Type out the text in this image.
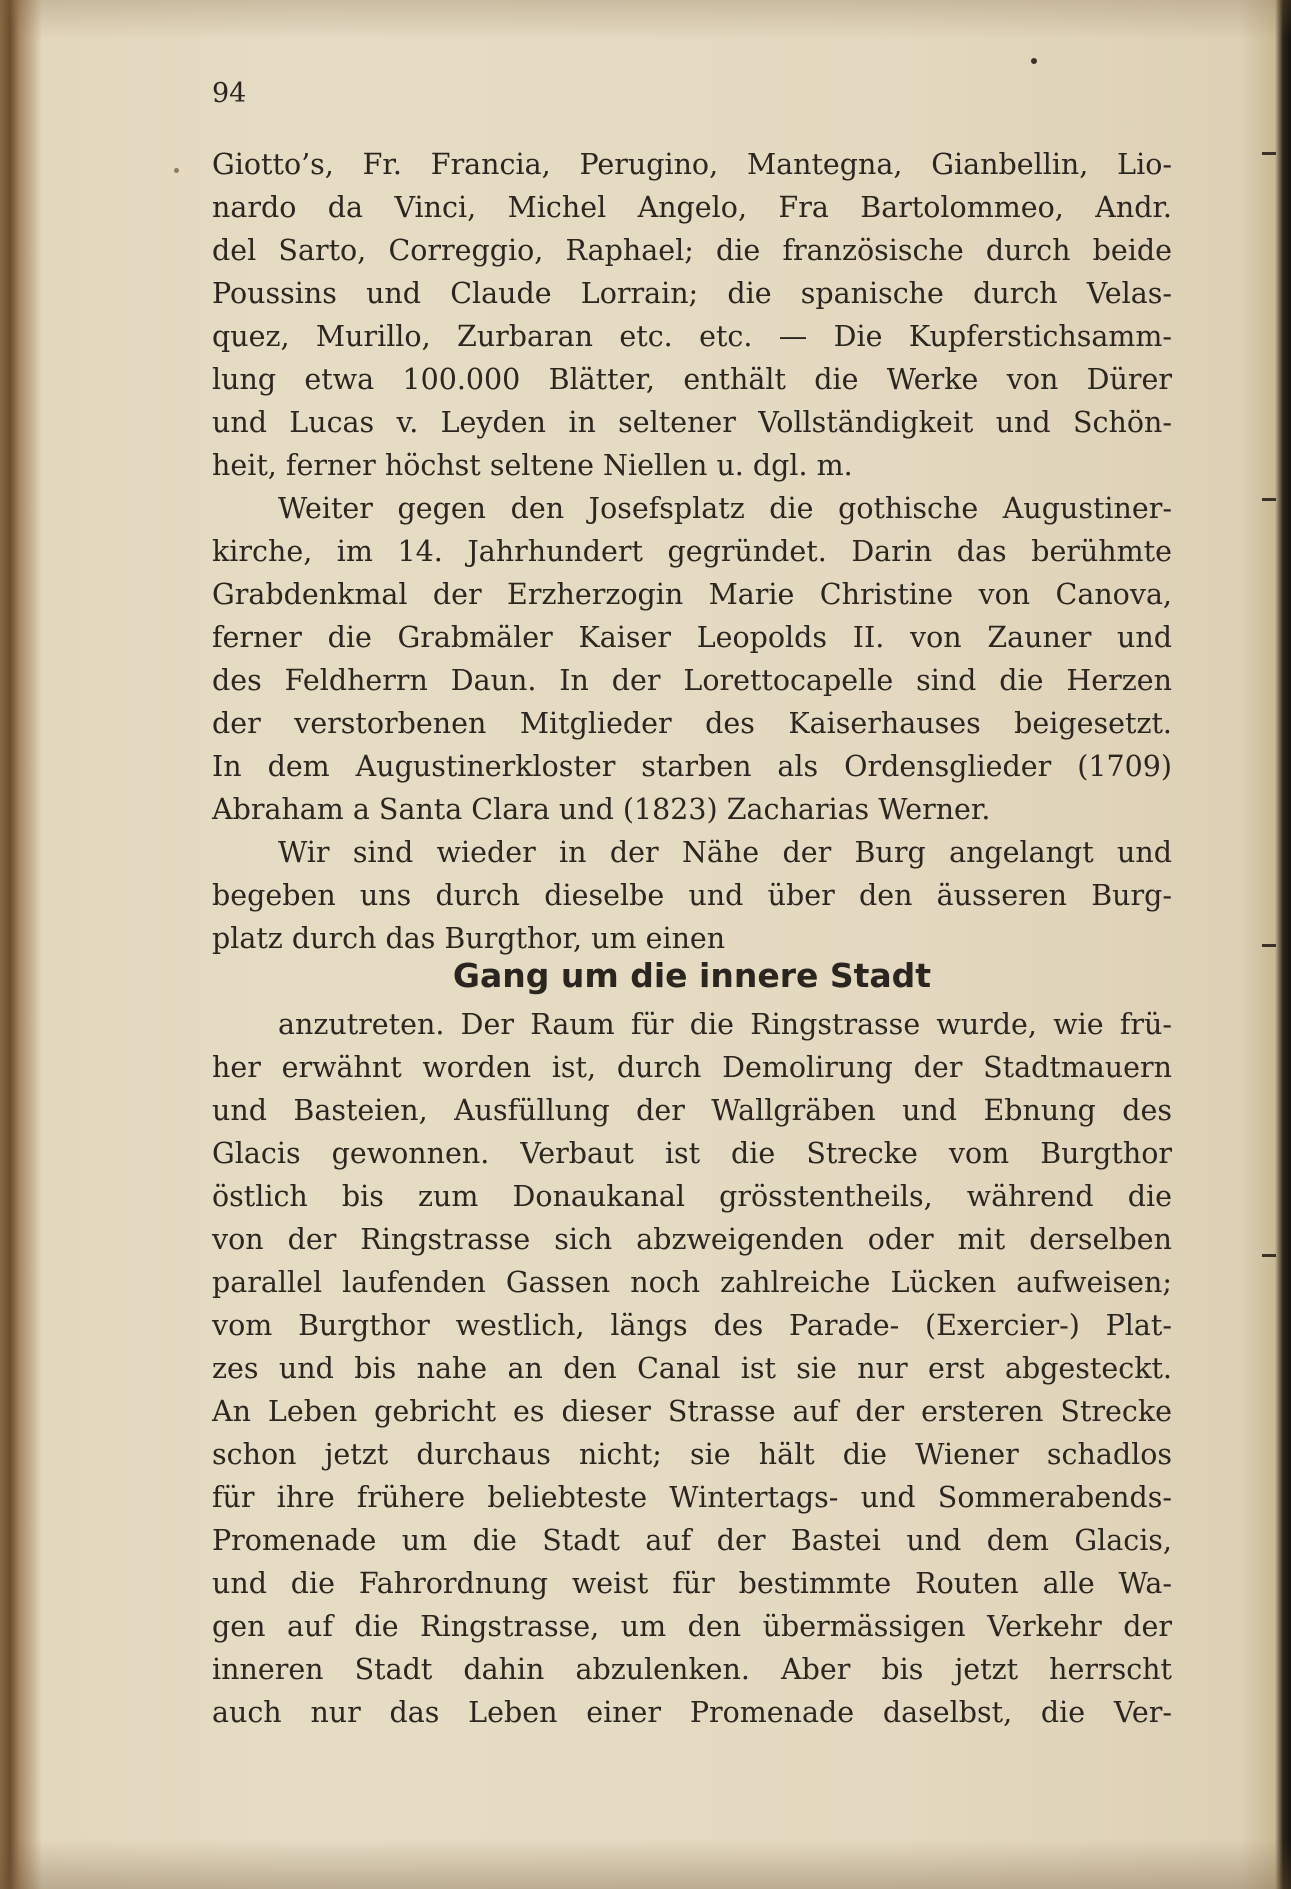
94
Giotto’s, Fr. Francia, Perugino, Mantegna, Gianbellin, Lio-
nardo da Vinci, Michel Angelo, Fra Bartolommeo, Andr.
del Sarto, Correggio, Raphael; die französische durch beide
Poussins und Claude Lorrain; die spanische durch Velas-
quez, Murillo, Zurbaran etc. etc. — Die Kupferstichsamm-
lung etwa 100.000 Blätter, enthält die Werke von Dürer
und Lucas v. Leyden in seltener Vollständigkeit und Schön-
heit, ferner höchst seltene Niellen u. dgl. m.
Weiter gegen den Josefsplatz die gothische Augustiner-
kirche, im 14. Jahrhundert gegründet. Darin das berühmte
Grabdenkmal der Erzherzogin Marie Christine von Canova,
ferner die Grabmäler Kaiser Leopolds II. von Zauner und
des Feldherrn Daun. In der Lorettocapelle sind die Herzen
der verstorbenen Mitglieder des Kaiserhauses beigesetzt.
In dem Augustinerkloster starben als Ordensglieder (1709)
Abraham a Santa Clara und (1823) Zacharias Werner.
Wir sind wieder in der Nähe der Burg angelangt und
begeben uns durch dieselbe und über den äusseren Burg-
platz durch das Burgthor, um einen
Gang um die innere Stadt
anzutreten. Der Raum für die Ringstrasse wurde, wie frü-
her erwähnt worden ist, durch Demolirung der Stadtmauern
und Basteien, Ausfüllung der Wallgräben und Ebnung des
Glacis gewonnen. Verbaut ist die Strecke vom Burgthor
östlich bis zum Donaukanal grösstentheils, während die
von der Ringstrasse sich abzweigenden oder mit derselben
parallel laufenden Gassen noch zahlreiche Lücken aufweisen;
vom Burgthor westlich, längs des Parade- (Exercier-) Plat-
zes und bis nahe an den Canal ist sie nur erst abgesteckt.
An Leben gebricht es dieser Strasse auf der ersteren Strecke
schon jetzt durchaus nicht; sie hält die Wiener schadlos
für ihre frühere beliebteste Wintertags- und Sommerabends-
Promenade um die Stadt auf der Bastei und dem Glacis,
und die Fahrordnung weist für bestimmte Routen alle Wa-
gen auf die Ringstrasse, um den übermässigen Verkehr der
inneren Stadt dahin abzulenken. Aber bis jetzt herrscht
auch nur das Leben einer Promenade daselbst, die Ver-
